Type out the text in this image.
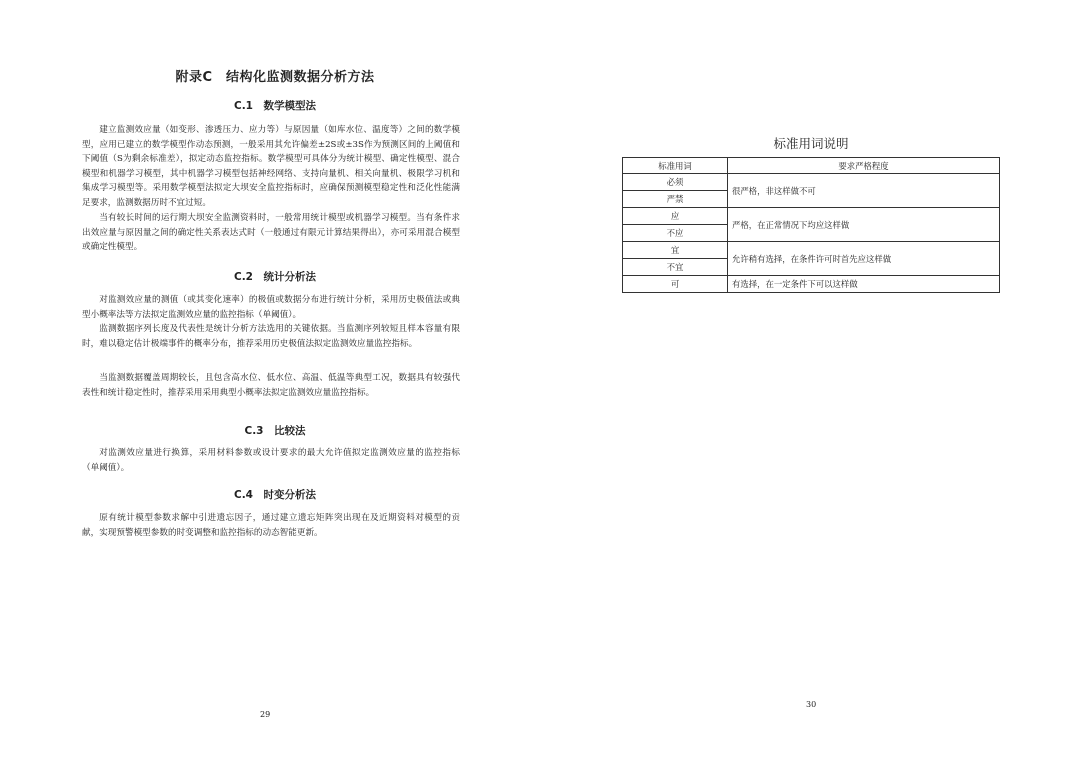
附录C　结构化监测数据分析方法
C.1　数学模型法

建立监测效应量（如变形、渗透压力、应力等）与原因量（如库水位、温度等）之间的数学模型，应用已建立的数学模型作动态预测，一般采用其允许偏差±2S或±3S作为预测区间的上阈值和下阈值（S为剩余标准差），拟定动态监控指标。数学模型可具体分为统计模型、确定性模型、混合模型和机器学习模型，其中机器学习模型包括神经网络、支持向量机、相关向量机、极限学习机和集成学习模型等。采用数学模型法拟定大坝安全监控指标时，应确保预测模型稳定性和泛化性能满足要求，监测数据历时不宜过短。

当有较长时间的运行期大坝安全监测资料时，一般常用统计模型或机器学习模型。当有条件求出效应量与原因量之间的确定性关系表达式时（一般通过有限元计算结果得出），亦可采用混合模型或确定性模型。

C.2　统计分析法

对监测效应量的测值（或其变化速率）的极值或数据分布进行统计分析，采用历史极值法或典型小概率法等方法拟定监测效应量的监控指标（单阈值）。

监测数据序列长度及代表性是统计分析方法选用的关键依据。当监测序列较短且样本容量有限时，难以稳定估计极端事件的概率分布，推荐采用历史极值法拟定监测效应量监控指标。

当监测数据覆盖周期较长，且包含高水位、低水位、高温、低温等典型工况，数据具有较强代表性和统计稳定性时，推荐采用采用典型小概率法拟定监测效应量监控指标。

C.3　比较法

对监测效应量进行换算，采用材料参数或设计要求的最大允许值拟定监测效应量的监控指标（单阈值）。

C.4　时变分析法

原有统计模型参数求解中引进遗忘因子，通过建立遗忘矩阵突出现在及近期资料对模型的贡献，实现预警模型参数的时变调整和监控指标的动态智能更新。

29
标准用词说明
标准用词	要求严格程度
必须	很严格，非这样做不可
严禁	
应	严格，在正常情况下均应这样做
不应	
宜	允许稍有选择，在条件许可时首先应这样做
不宜	
可	有选择，在一定条件下可以这样做
30
